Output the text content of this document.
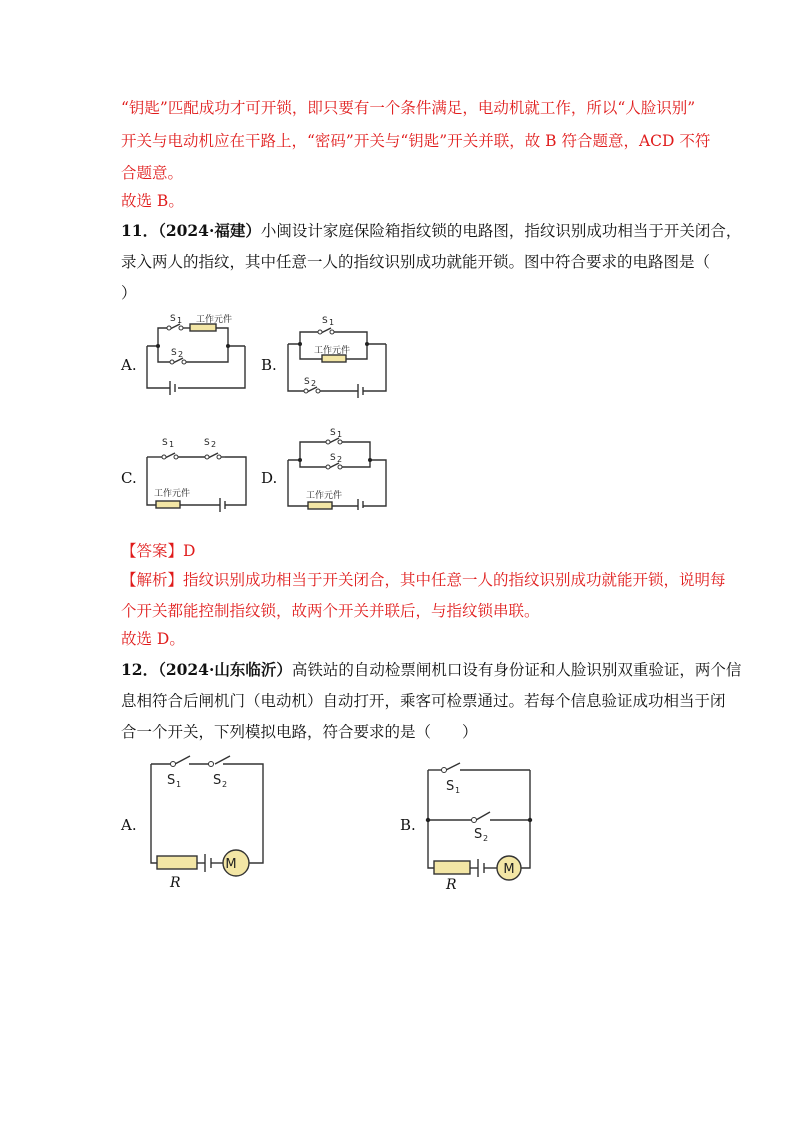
“钥匙”匹配成功才可开锁，即只要有一个条件满足，电动机就工作，所以“人脸识别”
开关与电动机应在干路上，“密码”开关与“钥匙”开关并联，故 B 符合题意，ACD 不符
合题意。
故选 B。
11．（2024·福建）小闽设计家庭保险箱指纹锁的电路图，指纹识别成功相当于开关闭合，
录入两人的指纹，其中任意一人的指纹识别成功就能开锁。图中符合要求的电路图是（
）
A.	B.
C.	D.
S 1 工作元件
S 2
S 1
工作元件
S 2
S 1	S 2
工作元件
S 1
S 2
工作元件
【答案】D
【解析】指纹识别成功相当于开关闭合，其中任意一人的指纹识别成功就能开锁，说明每
个开关都能控制指纹锁，故两个开关并联后，与指纹锁串联。
故选 D。
12．（2024·山东临沂）高铁站的自动检票闸机口设有身份证和人脸识别双重验证，两个信
息相符合后闸机门（电动机）自动打开，乘客可检票通过。若每个信息验证成功相当于闭
合一个开关，下列模拟电路，符合要求的是（　　）
A.	B.
M
S 1 S 2
R
M
S 1
S 2
R
